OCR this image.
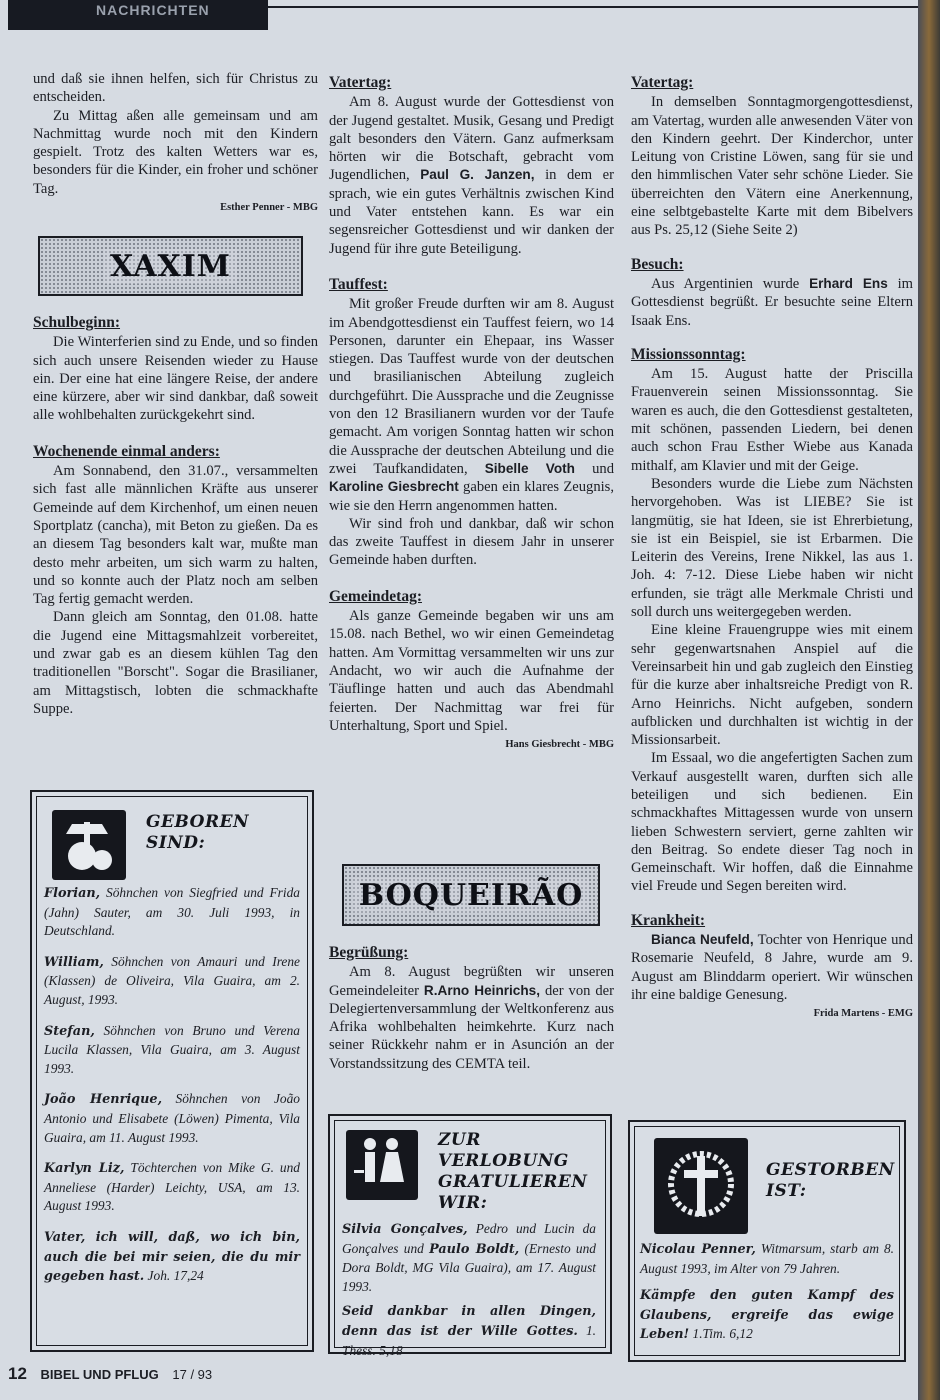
NACHRICHTEN

und daß sie ihnen helfen, sich für Christus zu entscheiden.

Zu Mittag aßen alle gemeinsam und am Nachmittag wurde noch mit den Kindern gespielt. Trotz des kalten Wetters war es, besonders für die Kinder, ein froher und schöner Tag.

Esther Penner - MBG
XAXIM
Schulbeginn:

Die Winterferien sind zu Ende, und so finden sich auch unsere Reisenden wieder zu Hause ein. Der eine hat eine längere Reise, der andere eine kürzere, aber wir sind dankbar, daß soweit alle wohlbehalten zurückgekehrt sind.

Wochenende einmal anders:

Am Sonnabend, den 31.07., versammelten sich fast alle männlichen Kräfte aus unserer Gemeinde auf dem Kirchenhof, um einen neuen Sportplatz (cancha), mit Beton zu gießen. Da es an diesem Tag besonders kalt war, mußte man desto mehr arbeiten, um sich warm zu halten, und so konnte auch der Platz noch am selben Tag fertig gemacht werden.

Dann gleich am Sonntag, den 01.08. hatte die Jugend eine Mittagsmahlzeit vorbereitet, und zwar gab es an diesem kühlen Tag den traditionellen "Borscht". Sogar die Brasilianer, am Mittagstisch, lobten die schmackhafte Suppe.

GEBOREN
SIND:

Florian, Söhnchen von Siegfried und Frida (Jahn) Sauter, am 30. Juli 1993, in Deutschland.

William, Söhnchen von Amauri und Irene (Klassen) de Oliveira, Vila Guaira, am 2. August, 1993.

Stefan, Söhnchen von Bruno und Verena Lucila Klassen, Vila Guaira, am 3. August 1993.

João Henrique, Söhnchen von João Antonio und Elisabete (Löwen) Pimenta, Vila Guaira, am 11. August 1993.

Karlyn Liz, Töchterchen von Mike G. und Anneliese (Harder) Leichty, USA, am 13. August 1993.

Vater, ich will, daß, wo ich bin, auch die bei mir seien, die du mir gegeben hast. Joh. 17,24

Vatertag:

Am 8. August wurde der Gottesdienst von der Jugend gestaltet. Musik, Gesang und Predigt galt besonders den Vätern. Ganz aufmerksam hörten wir die Botschaft, gebracht vom Jugendlichen, Paul G. Janzen, in dem er sprach, wie ein gutes Verhältnis zwischen Kind und Vater entstehen kann. Es war ein segensreicher Gottesdienst und wir danken der Jugend für ihre gute Beteiligung.

Tauffest:

Mit großer Freude durften wir am 8. August im Abendgottesdienst ein Tauffest feiern, wo 14 Personen, darunter ein Ehepaar, ins Wasser stiegen. Das Tauffest wurde von der deutschen und brasilianischen Abteilung zugleich durchgeführt. Die Aussprache und die Zeugnisse von den 12 Brasilianern wurden vor der Taufe gemacht. Am vorigen Sonntag hatten wir schon die Aussprache der deutschen Abteilung und die zwei Taufkandidaten, Sibelle Voth und Karoline Giesbrecht gaben ein klares Zeugnis, wie sie den Herrn angenommen hatten.

Wir sind froh und dankbar, daß wir schon das zweite Tauffest in diesem Jahr in unserer Gemeinde haben durften.

Gemeindetag:

Als ganze Gemeinde begaben wir uns am 15.08. nach Bethel, wo wir einen Gemeindetag hatten. Am Vormittag versammelten wir uns zur Andacht, wo wir auch die Aufnahme der Täuflinge hatten und auch das Abendmahl feierten. Der Nachmittag war frei für Unterhaltung, Sport und Spiel.

Hans Giesbrecht - MBG
BOQUEIRÃO
Begrüßung:

Am 8. August begrüßten wir unseren Gemeindeleiter R.Arno Heinrichs, der von der Delegiertenversammlung der Weltkonferenz aus Afrika wohlbehalten heimkehrte. Kurz nach seiner Rückkehr nahm er in Asunción an der Vorstandssitzung des CEMTA teil.

ZUR
VERLOBUNG
GRATULIEREN
WIR:

Silvia Gonçalves, Pedro und Lucin da Gonçalves und Paulo Boldt, (Ernesto und Dora Boldt, MG Vila Guaira), am 17. August 1993.

Seid dankbar in allen Dingen, denn das ist der Wille Gottes. 1. Thess. 5,18

Vatertag:

In demselben Sonntagmorgengottesdienst, am Vatertag, wurden alle anwesenden Väter von den Kindern geehrt. Der Kinderchor, unter Leitung von Cristine Löwen, sang für sie und den himmlischen Vater sehr schöne Lieder. Sie überreichten den Vätern eine Anerkennung, eine selbtgebastelte Karte mit dem Bibelvers aus Ps. 25,12 (Siehe Seite 2)

Besuch:

Aus Argentinien wurde Erhard Ens im Gottesdienst begrüßt. Er besuchte seine Eltern Isaak Ens.

Missionssonntag:

Am 15. August hatte der Priscilla Frauenverein seinen Missionssonntag. Sie waren es auch, die den Gottesdienst gestalteten, mit schönen, passenden Liedern, bei denen auch schon Frau Esther Wiebe aus Kanada mithalf, am Klavier und mit der Geige.

Besonders wurde die Liebe zum Nächsten hervorgehoben. Was ist LIEBE? Sie ist langmütig, sie hat Ideen, sie ist Ehrerbietung, sie ist ein Beispiel, sie ist Erbarmen. Die Leiterin des Vereins, Irene Nikkel, las aus 1. Joh. 4: 7-12. Diese Liebe haben wir nicht erfunden, sie trägt alle Merkmale Christi und soll durch uns weitergegeben werden.

Eine kleine Frauengruppe wies mit einem sehr gegenwartsnahen Anspiel auf die Vereinsarbeit hin und gab zugleich den Einstieg für die kurze aber inhaltsreiche Predigt von R. Arno Heinrichs. Nicht aufgeben, sondern aufblicken und durchhalten ist wichtig in der Missionsarbeit.

Im Essaal, wo die angefertigten Sachen zum Verkauf ausgestellt waren, durften sich alle beteiligen und sich bedienen. Ein schmackhaftes Mittagessen wurde von unsern lieben Schwestern serviert, gerne zahlten wir den Beitrag. So endete dieser Tag noch in Gemeinschaft. Wir hoffen, daß die Einnahme viel Freude und Segen bereiten wird.

Krankheit:

Bianca Neufeld, Tochter von Henrique und Rosemarie Neufeld, 8 Jahre, wurde am 9. August am Blinddarm operiert. Wir wünschen ihr eine baldige Genesung.

Frida Martens - EMG
GESTORBEN
IST:

Nicolau Penner, Witmarsum, starb am 8. August 1993, im Alter von 79 Jahren.

Kämpfe den guten Kampf des Glaubens, ergreife das ewige Leben! 1.Tim. 6,12

12 BIBEL UND PFLUG 17 / 93
